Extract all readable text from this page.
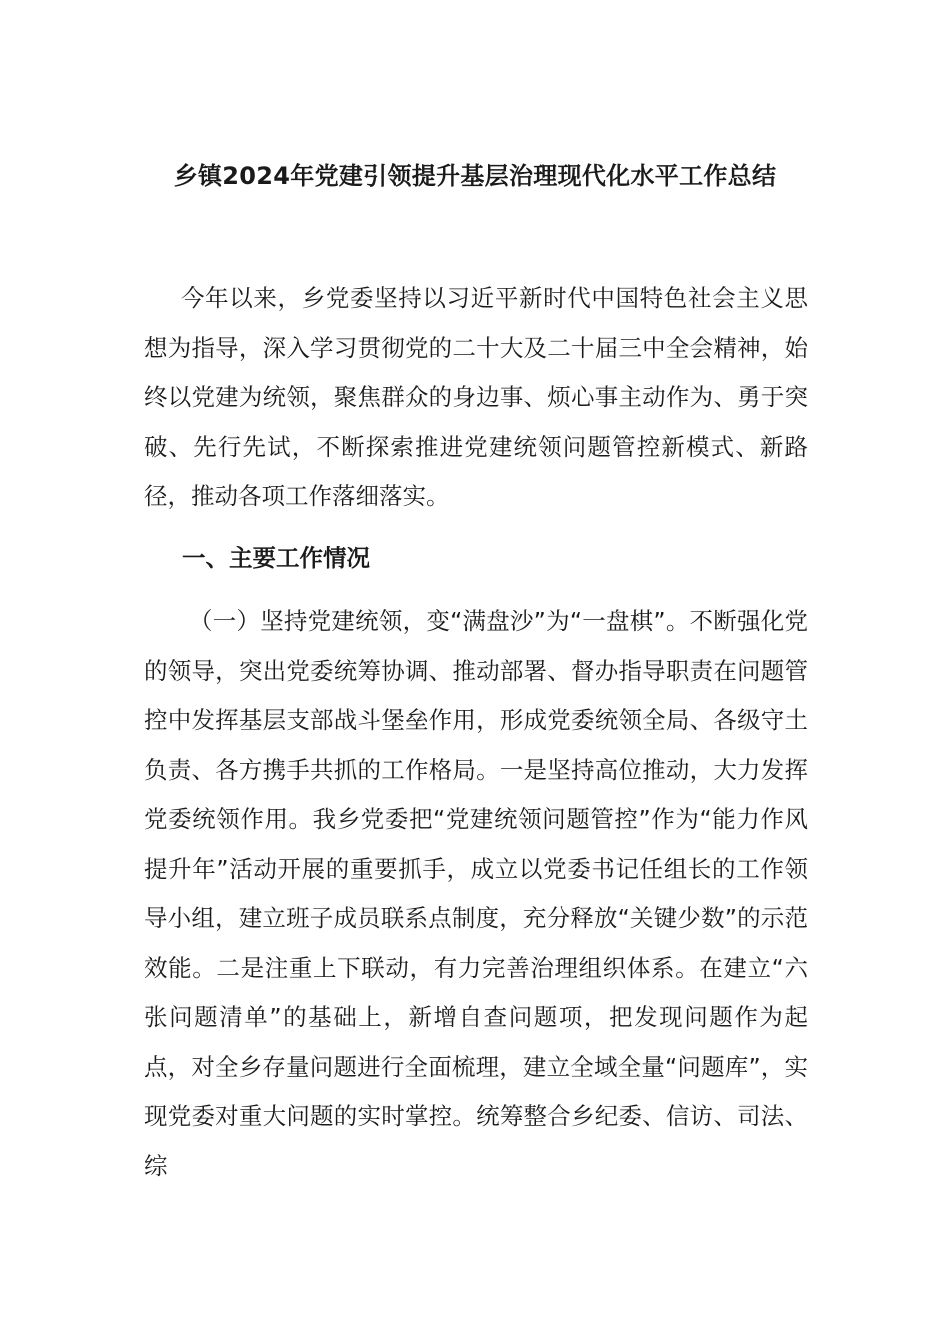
乡镇2024年党建引领提升基层治理现代化水平工作总结

今年以来，乡党委坚持以习近平新时代中国特色社会主义思想为指导，深入学习贯彻党的二十大及二十届三中全会精神，始终以党建为统领，聚焦群众的身边事、烦心事主动作为、勇于突破、先行先试，不断探索推进党建统领问题管控新模式、新路径，推动各项工作落细落实。

一、主要工作情况

（一）坚持党建统领，变“满盘沙”为“一盘棋”。不断强化党的领导，突出党委统筹协调、推动部署、督办指导职责在问题管控中发挥基层支部战斗堡垒作用，形成党委统领全局、各级守土负责、各方携手共抓的工作格局。一是坚持高位推动，大力发挥党委统领作用。我乡党委把“党建统领问题管控”作为“能力作风提升年”活动开展的重要抓手，成立以党委书记任组长的工作领导小组，建立班子成员联系点制度，充分释放“关键少数”的示范效能。二是注重上下联动，有力完善治理组织体系。在建立“六张问题清单”的基础上，新增自查问题项，把发现问题作为起点，对全乡存量问题进行全面梳理，建立全域全量“问题库”，实现党委对重大问题的实时掌控。统筹整合乡纪委、信访、司法、综
